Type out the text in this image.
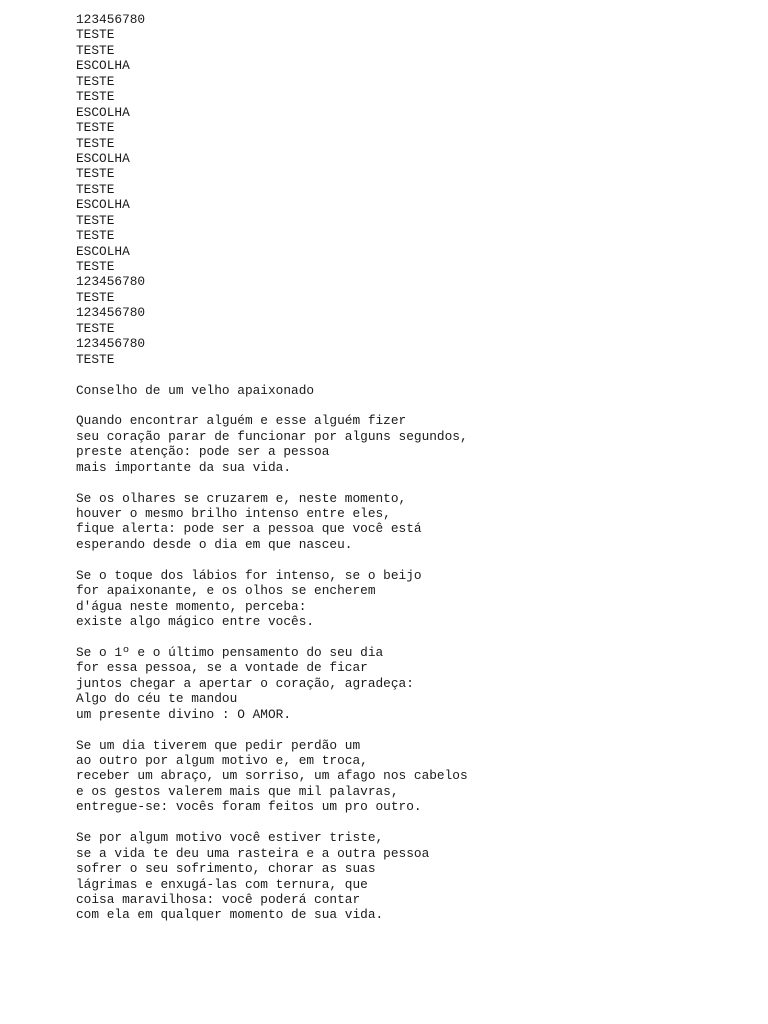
123456780
TESTE
TESTE
ESCOLHA
TESTE
TESTE
ESCOLHA
TESTE
TESTE
ESCOLHA
TESTE
TESTE
ESCOLHA
TESTE
TESTE
ESCOLHA
TESTE
123456780
TESTE
123456780
TESTE
123456780
TESTE
Conselho de um velho apaixonado
Quando encontrar alguém e esse alguém fizer
seu coração parar de funcionar por alguns segundos,
preste atenção: pode ser a pessoa
mais importante da sua vida.
Se os olhares se cruzarem e, neste momento,
houver o mesmo brilho intenso entre eles,
fique alerta: pode ser a pessoa que você está
esperando desde o dia em que nasceu.
Se o toque dos lábios for intenso, se o beijo
for apaixonante, e os olhos se encherem
d'água neste momento, perceba:
existe algo mágico entre vocês.
Se o 1º e o último pensamento do seu dia
for essa pessoa, se a vontade de ficar
juntos chegar a apertar o coração, agradeça:
Algo do céu te mandou
um presente divino : O AMOR.
Se um dia tiverem que pedir perdão um
ao outro por algum motivo e, em troca,
receber um abraço, um sorriso, um afago nos cabelos
e os gestos valerem mais que mil palavras,
entregue-se: vocês foram feitos um pro outro.
Se por algum motivo você estiver triste,
se a vida te deu uma rasteira e a outra pessoa
sofrer o seu sofrimento, chorar as suas
lágrimas e enxugá-las com ternura, que
coisa maravilhosa: você poderá contar
com ela em qualquer momento de sua vida.
